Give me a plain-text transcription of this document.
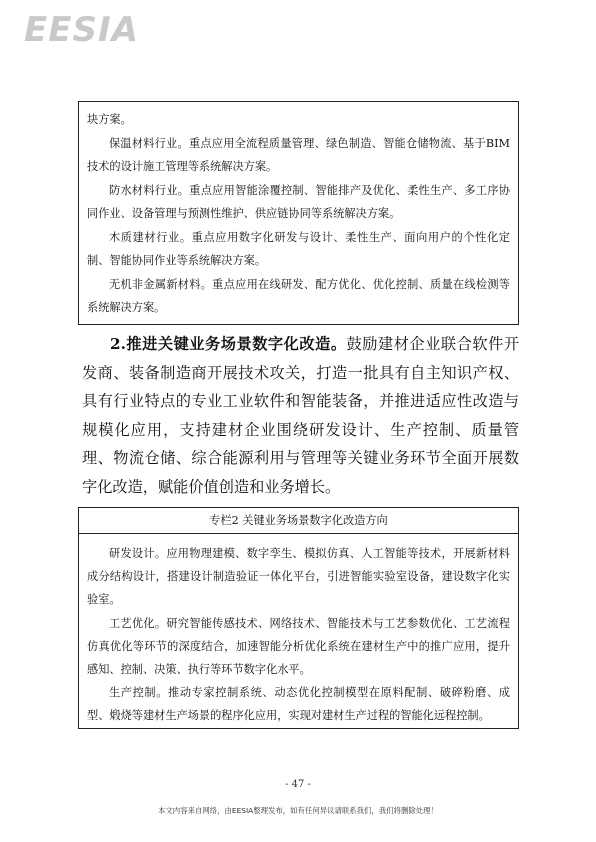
EESIA

块方案。

保温材料行业。重点应用全流程质量管理、绿色制造、智能仓储物流、基于BIM技术的设计施工管理等系统解决方案。

防水材料行业。重点应用智能涂覆控制、智能排产及优化、柔性生产、多工序协同作业、设备管理与预测性维护、供应链协同等系统解决方案。

木质建材行业。重点应用数字化研发与设计、柔性生产、面向用户的个性化定制、智能协同作业等系统解决方案。

无机非金属新材料。重点应用在线研发、配方优化、优化控制、质量在线检测等系统解决方案。

2.推进关键业务场景数字化改造。鼓励建材企业联合软件开发商、装备制造商开展技术攻关，打造一批具有自主知识产权、具有行业特点的专业工业软件和智能装备，并推进适应性改造与规模化应用，支持建材企业围绕研发设计、生产控制、质量管理、物流仓储、综合能源利用与管理等关键业务环节全面开展数字化改造，赋能价值创造和业务增长。
专栏2 关键业务场景数字化改造方向

研发设计。应用物理建模、数字孪生、模拟仿真、人工智能等技术，开展新材料成分结构设计，搭建设计制造验证一体化平台，引进智能实验室设备，建设数字化实验室。

工艺优化。研究智能传感技术、网络技术、智能技术与工艺参数优化、工艺流程仿真优化等环节的深度结合，加速智能分析优化系统在建材生产中的推广应用，提升感知、控制、决策、执行等环节数字化水平。

生产控制。推动专家控制系统、动态优化控制模型在原料配制、破碎粉磨、成型、煅烧等建材生产场景的程序化应用，实现对建材生产过程的智能化远程控制。

- 47 -
本文内容来自网络，由EESIA整理发布，如有任何异议请联系我们，我们将删除处理！
